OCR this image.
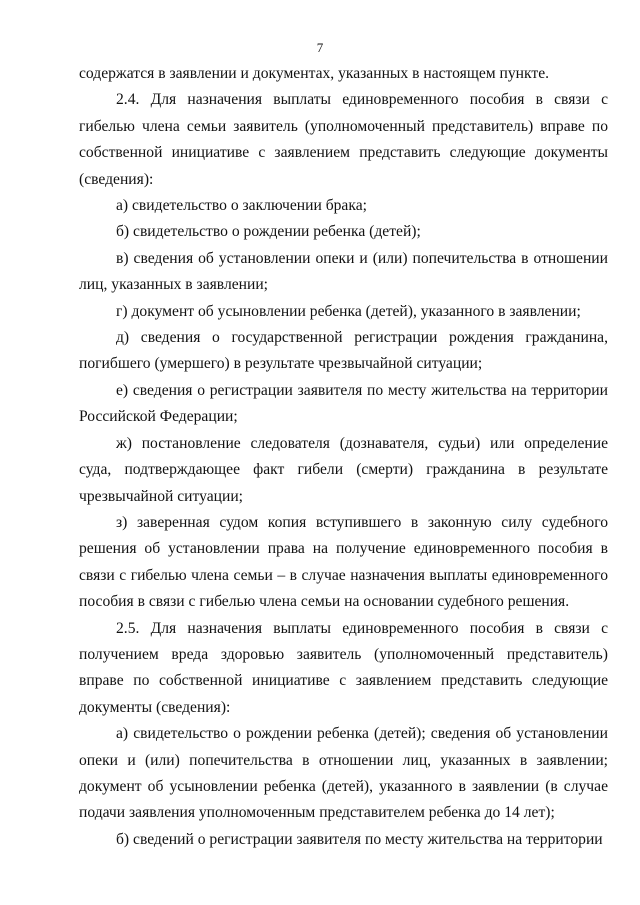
7

содержатся в заявлении и документах, указанных в настоящем пункте.

2.4. Для назначения выплаты единовременного пособия в связи с гибелью члена семьи заявитель (уполномоченный представитель) вправе по собственной инициативе с заявлением представить следующие документы (сведения):

а) свидетельство о заключении брака;

б) свидетельство о рождении ребенка (детей);

в) сведения об установлении опеки и (или) попечительства в отношении лиц, указанных в заявлении;

г) документ об усыновлении ребенка (детей), указанного в заявлении;

д) сведения о государственной регистрации рождения гражданина, погибшего (умершего) в результате чрезвычайной ситуации;

е) сведения о регистрации заявителя по месту жительства на территории Российской Федерации;

ж) постановление следователя (дознавателя, судьи) или определение суда, подтверждающее факт гибели (смерти) гражданина в результате чрезвычайной ситуации;

з) заверенная судом копия вступившего в законную силу судебного решения об установлении права на получение единовременного пособия в связи с гибелью члена семьи – в случае назначения выплаты единовременного пособия в связи с гибелью члена семьи на основании судебного решения.

2.5. Для назначения выплаты единовременного пособия в связи с получением вреда здоровью заявитель (уполномоченный представитель) вправе по собственной инициативе с заявлением представить следующие документы (сведения):

а) свидетельство о рождении ребенка (детей); сведения об установлении опеки и (или) попечительства в отношении лиц, указанных в заявлении; документ об усыновлении ребенка (детей), указанного в заявлении (в случае подачи заявления уполномоченным представителем ребенка до 14 лет);

б) сведений о регистрации заявителя по месту жительства на территории
